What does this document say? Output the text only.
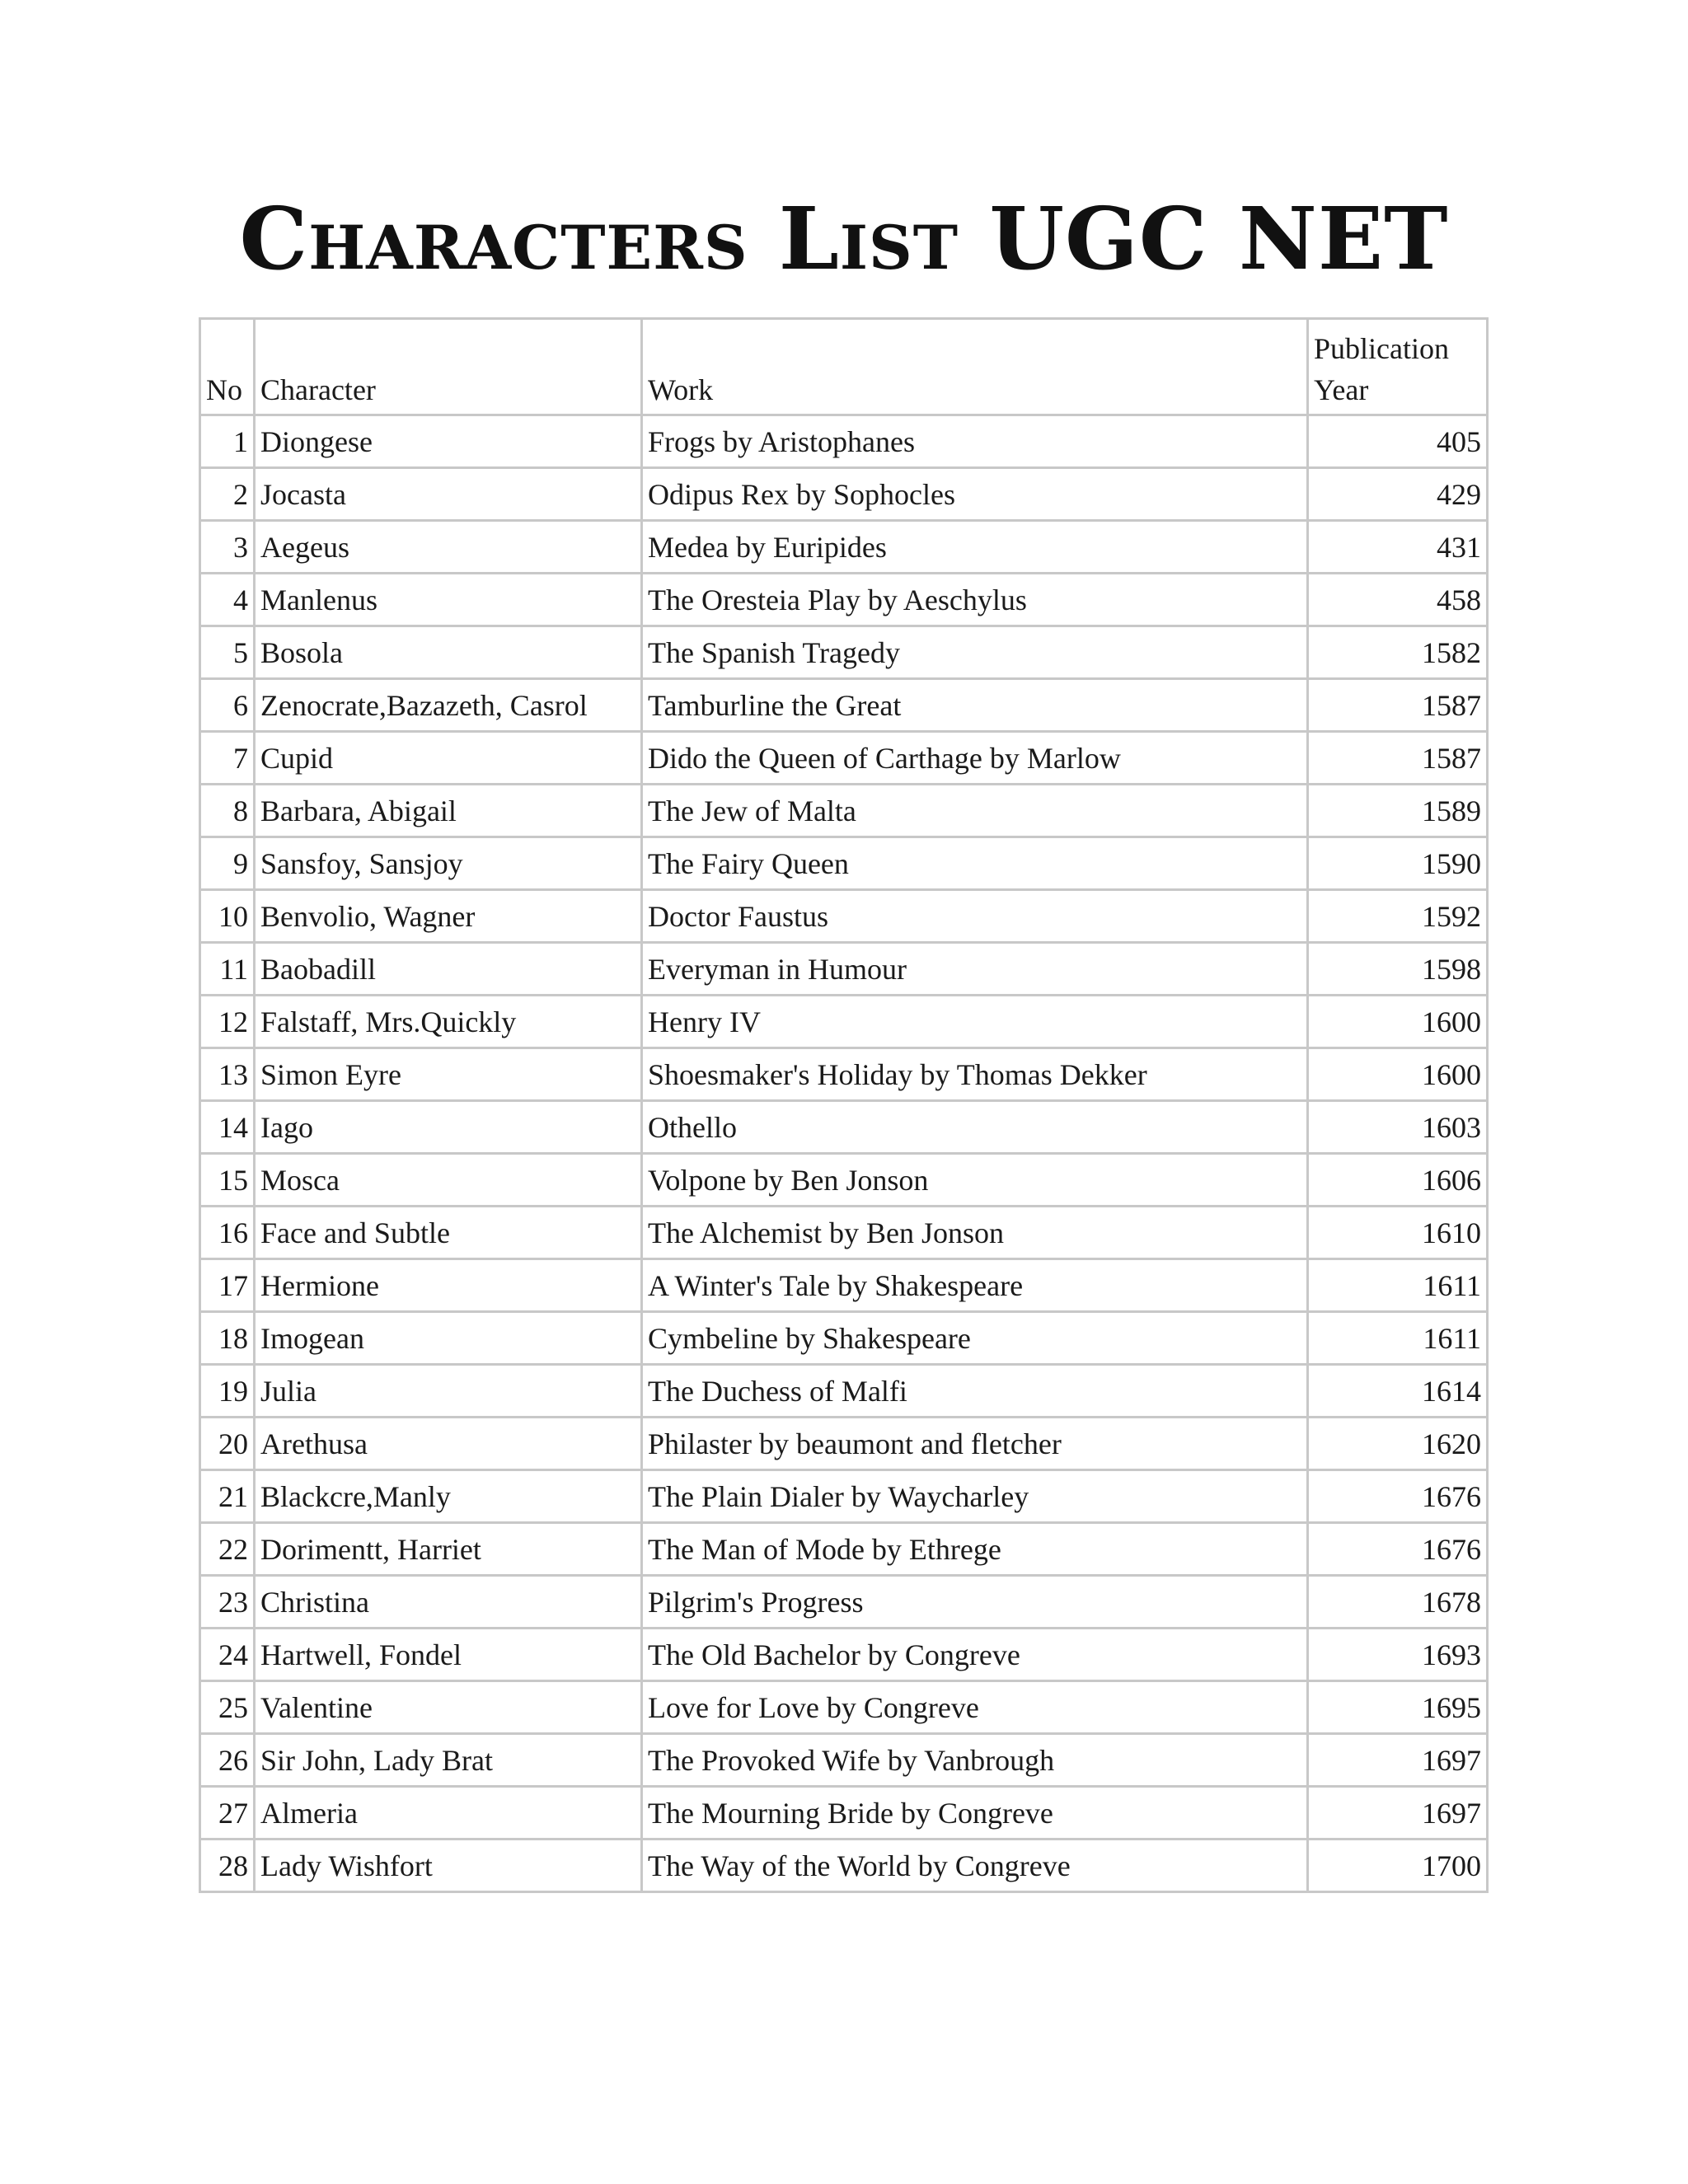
Characters List UGC NET
No	Character	Work	Publication Year
1	Diongese	Frogs by Aristophanes	405
2	Jocasta	Odipus Rex by Sophocles	429
3	Aegeus	Medea by Euripides	431
4	Manlenus	The Oresteia Play by Aeschylus	458
5	Bosola	The Spanish Tragedy	1582
6	Zenocrate,Bazazeth, Casrol	Tamburline the Great	1587
7	Cupid	Dido the Queen of Carthage by Marlow	1587
8	Barbara, Abigail	The Jew of Malta	1589
9	Sansfoy, Sansjoy	The Fairy Queen	1590
10	Benvolio, Wagner	Doctor Faustus	1592
11	Baobadill	Everyman in Humour	1598
12	Falstaff, Mrs.Quickly	Henry IV	1600
13	Simon Eyre	Shoesmaker's Holiday by Thomas Dekker	1600
14	Iago	Othello	1603
15	Mosca	Volpone by Ben Jonson	1606
16	Face and Subtle	The Alchemist by Ben Jonson	1610
17	Hermione	A Winter's Tale by Shakespeare	1611
18	Imogean	Cymbeline by Shakespeare	1611
19	Julia	The Duchess of Malfi	1614
20	Arethusa	Philaster by beaumont and fletcher	1620
21	Blackcre,Manly	The Plain Dialer by Waycharley	1676
22	Dorimentt, Harriet	The Man of Mode by Ethrege	1676
23	Christina	Pilgrim's Progress	1678
24	Hartwell, Fondel	The Old Bachelor by Congreve	1693
25	Valentine	Love for Love by Congreve	1695
26	Sir John, Lady Brat	The Provoked Wife by Vanbrough	1697
27	Almeria	The Mourning Bride by Congreve	1697
28	Lady Wishfort	The Way of the World by Congreve	1700
